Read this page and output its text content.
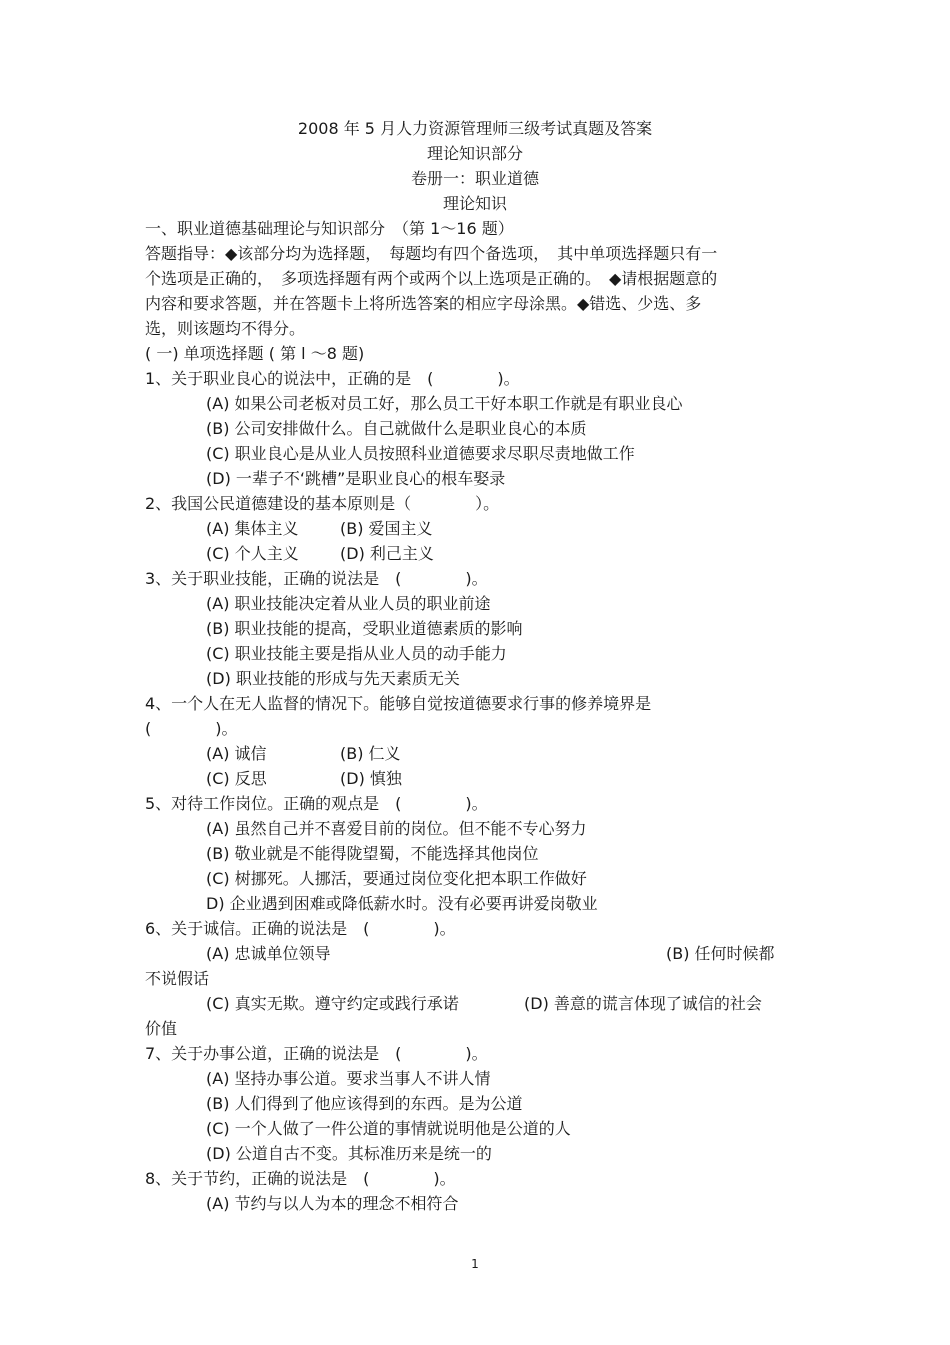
2008 年 5 月人力资源管理师三级考试真题及答案
理论知识部分
卷册一：职业道德
理论知识
一、职业道德基础理论与知识部分　（第 1～16 题）
答题指导：◆该部分均为选择题，　每题均有四个备选项，　其中单项选择题只有一
个选项是正确的，　多项选择题有两个或两个以上选项是正确的。　◆请根据题意的
内容和要求答题，并在答题卡上将所选答案的相应字母涂黑。◆错选、少选、多
选，则该题均不得分。
( 一) 单项选择题 ( 第 l ～8 题)
1、关于职业良心的说法中，正确的是　(　　　　)。
(A) 如果公司老板对员工好，那么员工干好本职工作就是有职业良心
(B) 公司安排做什么。自己就做什么是职业良心的本质
(C) 职业良心是从业人员按照科业道德要求尽职尽责地做工作
(D) 一辈子不‘跳槽”是职业良心的根车娶录
2、我国公民道德建设的基本原则是（　　　　）。
(A) 集体主义	(B) 爱国主义
(C) 个人主义	(D) 利己主义
3、关于职业技能，正确的说法是　(　　　　)。
(A) 职业技能决定着从业人员的职业前途
(B) 职业技能的提高，受职业道德素质的影响
(C) 职业技能主要是指从业人员的动手能力
(D) 职业技能的形成与先天素质无关
4、一个人在无人监督的情况下。能够自觉按道德要求行事的修养境界是
(　　　　)。
(A) 诚信	(B) 仁义
(C) 反思	(D) 慎独
5、对待工作岗位。正确的观点是　(　　　　)。
(A) 虽然自己并不喜爱目前的岗位。但不能不专心努力
(B) 敬业就是不能得陇望蜀，不能选择其他岗位
(C) 树挪死。人挪活，要通过岗位变化把本职工作做好
D) 企业遇到困难或降低薪水时。没有必要再讲爱岗敬业
6、关于诚信。正确的说法是　(　　　　)。
(A) 忠诚单位领导	(B) 任何时候都
不说假话
(C) 真实无欺。遵守约定或践行承诺	(D) 善意的谎言体现了诚信的社会
价值
7、关于办事公道，正确的说法是　(　　　　)。
(A) 坚持办事公道。要求当事人不讲人情
(B) 人们得到了他应该得到的东西。是为公道
(C) 一个人做了一件公道的事情就说明他是公道的人
(D) 公道自古不变。其标准历来是统一的
8、关于节约，正确的说法是　(　　　　)。
(A) 节约与以人为本的理念不相符合
1
